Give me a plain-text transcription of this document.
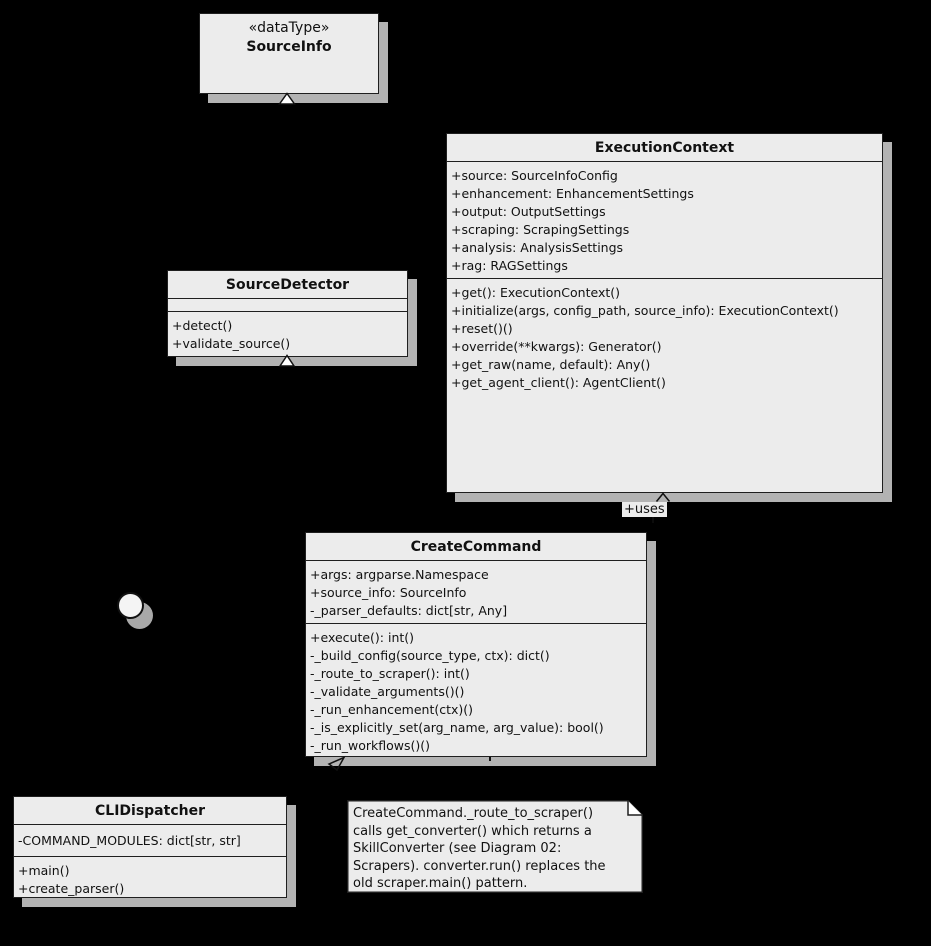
«dataType»
SourceInfo
ExecutionContext
+source: SourceInfoConfig
+enhancement: EnhancementSettings
+output: OutputSettings
+scraping: ScrapingSettings
+analysis: AnalysisSettings
+rag: RAGSettings
+get(): ExecutionContext()
+initialize(args, config_path, source_info): ExecutionContext()
+reset()()
+override(**kwargs): Generator()
+get_raw(name, default): Any()
+get_agent_client(): AgentClient()
SourceDetector
+detect()
+validate_source()
CreateCommand
+args: argparse.Namespace
+source_info: SourceInfo
-_parser_defaults: dict[str, Any]
+execute(): int()
-_build_config(source_type, ctx): dict()
-_route_to_scraper(): int()
-_validate_arguments()()
-_run_enhancement(ctx)()
-_is_explicitly_set(arg_name, arg_value): bool()
-_run_workflows()()
CLIDispatcher
-COMMAND_MODULES: dict[str, str]
+main()
+create_parser()
+uses
CreateCommand._route_to_scraper()
calls get_converter() which returns a
SkillConverter (see Diagram 02:
Scrapers). converter.run() replaces the
old scraper.main() pattern.
